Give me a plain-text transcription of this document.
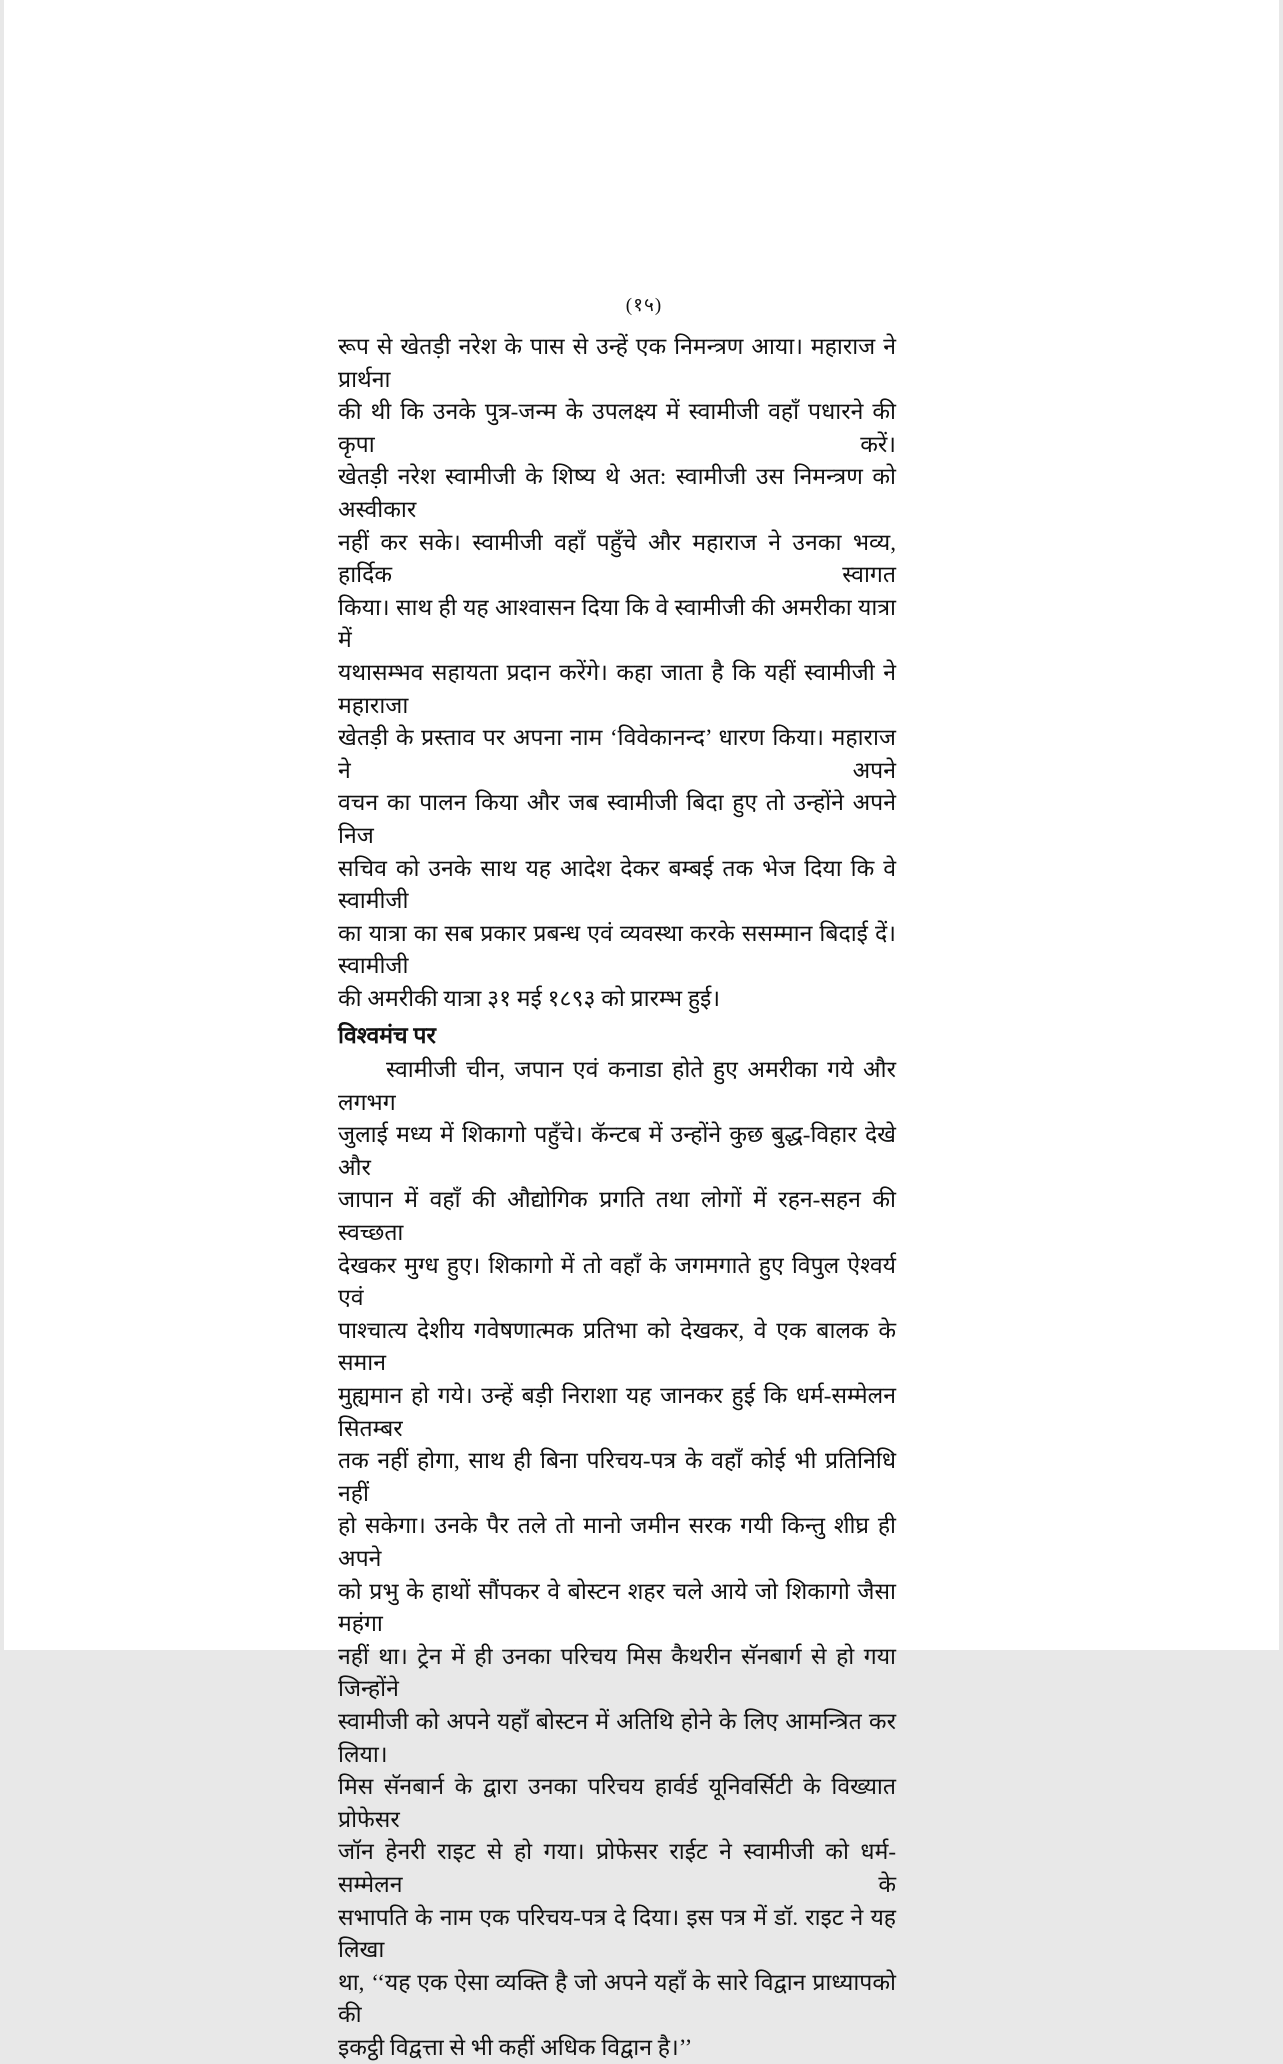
(१५)
रूप से खेतड़ी नरेश के पास से उन्हें एक निमन्त्रण आया। महाराज ने प्रार्थना
की थी कि उनके पुत्र-जन्म के उपलक्ष्य में स्वामीजी वहाँ पधारने की कृपा करें।
खेतड़ी नरेश स्वामीजी के शिष्य थे अत: स्वामीजी उस निमन्त्रण को अस्वीकार
नहीं कर सके। स्वामीजी वहाँ पहुँचे और महाराज ने उनका भव्य, हार्दिक स्वागत
किया। साथ ही यह आश्वासन दिया कि वे स्वामीजी की अमरीका यात्रा में
यथासम्भव सहायता प्रदान करेंगे। कहा जाता है कि यहीं स्वामीजी ने महाराजा
खेतड़ी के प्रस्ताव पर अपना नाम ‘विवेकानन्द’ धारण किया। महाराज ने अपने
वचन का पालन किया और जब स्वामीजी बिदा हुए तो उन्होंने अपने निज
सचिव को उनके साथ यह आदेश देकर बम्बई तक भेज दिया कि वे स्वामीजी
का यात्रा का सब प्रकार प्रबन्ध एवं व्यवस्था करके ससम्मान बिदाई दें। स्वामीजी
की अमरीकी यात्रा ३१ मई १८९३ को प्रारम्भ हुई।
विश्वमंच पर
स्वामीजी चीन, जपान एवं कनाडा होते हुए अमरीका गये और लगभग
जुलाई मध्य में शिकागो पहुँचे। कॅन्टब में उन्होंने कुछ बुद्ध-विहार देखे और
जापान में वहाँ की औद्योगिक प्रगति तथा लोगों में रहन-सहन की स्वच्छता
देखकर मुग्ध हुए। शिकागो में तो वहाँ के जगमगाते हुए विपुल ऐश्वर्य एवं
पाश्चात्य देशीय गवेषणात्मक प्रतिभा को देखकर, वे एक बालक के समान
मुह्यमान हो गये। उन्हें बड़ी निराशा यह जानकर हुई कि धर्म-सम्मेलन सितम्बर
तक नहीं होगा, साथ ही बिना परिचय-पत्र के वहाँ कोई भी प्रतिनिधि नहीं
हो सकेगा। उनके पैर तले तो मानो जमीन सरक गयी किन्तु शीघ्र ही अपने
को प्रभु के हाथों सौंपकर वे बोस्टन शहर चले आये जो शिकागो जैसा महंगा
नहीं था। ट्रेन में ही उनका परिचय मिस कैथरीन सॅनबार्ग से हो गया जिन्होंने
स्वामीजी को अपने यहाँ बोस्टन में अतिथि होने के लिए आमन्त्रित कर लिया।
मिस सॅनबार्न के द्वारा उनका परिचय हार्वर्ड यूनिवर्सिटी के विख्यात प्रोफेसर
जॉन हेनरी राइट से हो गया। प्रोफेसर राईट ने स्वामीजी को धर्म-सम्मेलन के
सभापति के नाम एक परिचय-पत्र दे दिया। इस पत्र में डॉ. राइट ने यह लिखा
था, ‘‘यह एक ऐसा व्यक्ति है जो अपने यहाँ के सारे विद्वान प्राध्यापको की
इकट्ठी विद्वत्ता से भी कहीं अधिक विद्वान है।’’
